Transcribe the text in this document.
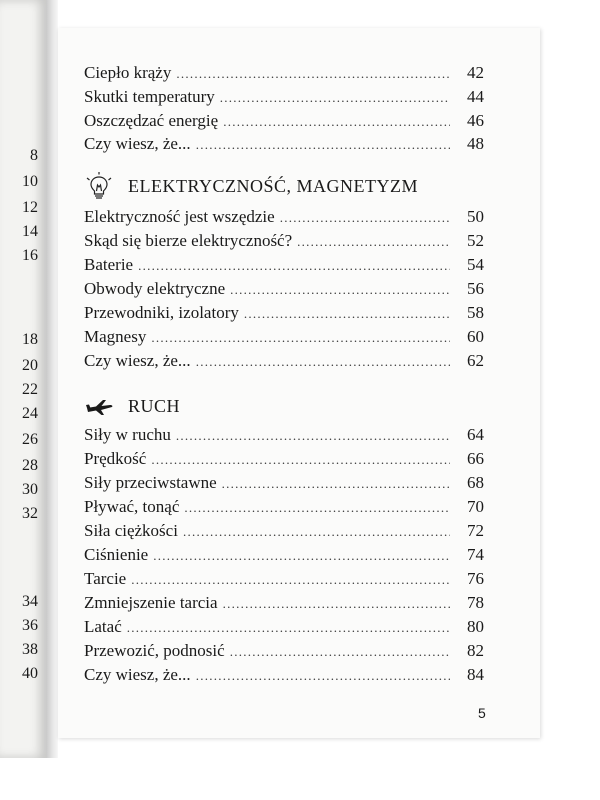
8
10
12
14
16
18
20
22
24
26
28
30
32
34
36
38
40
Ciepło krąży . . .	42
Skutki temperatury . . .	44
Oszczędzać energię . . .	46
Czy wiesz, że... . . .	48
Elektryczność jest wszędzie . . .	50
Skąd się bierze elektryczność? . . .	52
Baterie . . .	54
Obwody elektryczne . . .	56
Przewodniki, izolatory . . .	58
Magnesy . . .	60
Czy wiesz, że... . . .	62
Siły w ruchu . . .	64
Prędkość . . .	66
Siły przeciwstawne . . .	68
Pływać, tonąć . . .	70
Siła ciężkości . . .	72
Ciśnienie . . .	74
Tarcie . . .	76
Zmniejszenie tarcia . . .	78
Latać . . .	80
Przewozić, podnosić . . .	82
Czy wiesz, że... . . .	84
ELEKTRYCZNOŚĆ, MAGNETYZM
RUCH
5
